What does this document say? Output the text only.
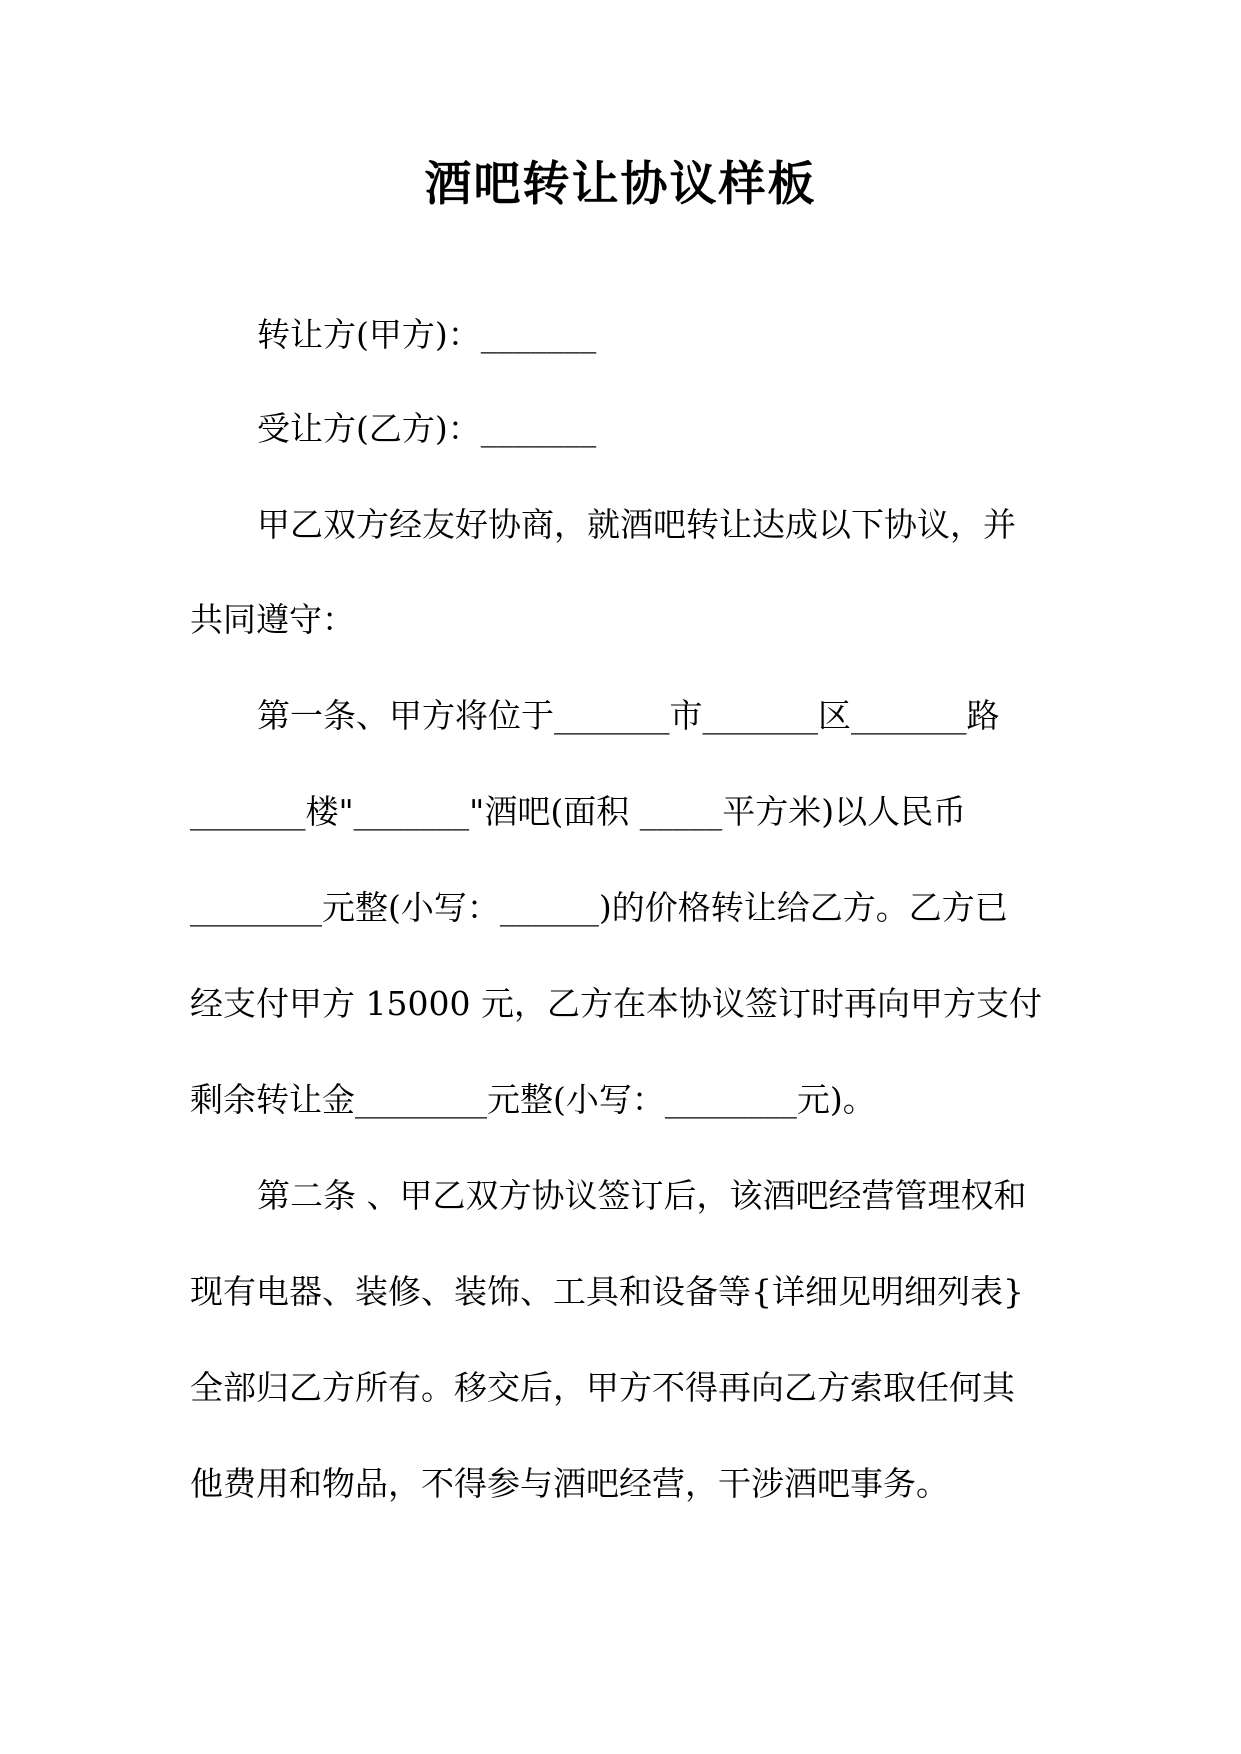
酒吧转让协议样板

转让方(甲方)：_______

受让方(乙方)：_______

甲乙双方经友好协商，就酒吧转让达成以下协议，并

共同遵守：

第一条、甲方将位于_______市_______区_______路

_______楼"_______"酒吧(面积 _____平方米)以人民币

________元整(小写：______)的价格转让给乙方。乙方已

经支付甲方 15000 元，乙方在本协议签订时再向甲方支付

剩余转让金________元整(小写：________元)。

第二条 、甲乙双方协议签订后，该酒吧经营管理权和

现有电器、装修、装饰、工具和设备等{详细见明细列表}

全部归乙方所有。移交后，甲方不得再向乙方索取任何其

他费用和物品，不得参与酒吧经营，干涉酒吧事务。
